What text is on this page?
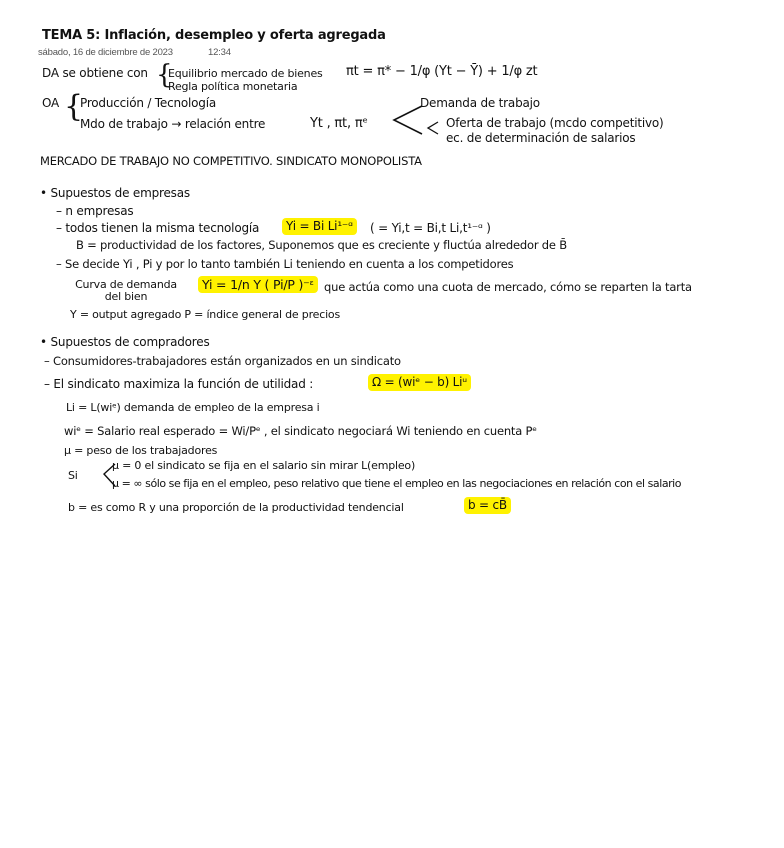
TEMA 5: Inflación, desempleo y oferta agregada
sábado, 16 de diciembre de 2023	12:34
DA se obtiene con {
Equilibrio mercado de bienes
Regla política monetaria
πt = π* − 1/φ (Yt − Ȳ) + 1/φ zt
OA {
Producción / Tecnología
Mdo de trabajo → relación entre	Yt , πt, πᵉ
Demanda de trabajo
Oferta de trabajo (mcdo competitivo)
ec. de determinación de salarios
MERCADO DE TRABAJO NO COMPETITIVO. SINDICATO MONOPOLISTA
• Supuestos de empresas
– n empresas
– todos tienen la misma tecnología	Yi = Bi Li¹⁻ᵅ	( = Yi,t = Bi,t Li,t¹⁻ᵅ )
B = productividad de los factores, Suponemos que es creciente y fluctúa alrededor de B̄
– Se decide Yi , Pi y por lo tanto también Li teniendo en cuenta a los competidores
Curva de demanda del bien
Yi = 1/n Y ( Pi/P )⁻ᵋ que actúa como una cuota de mercado, cómo se reparten la tarta
Y = output agregado P = índice general de precios
• Supuestos de compradores
– Consumidores-trabajadores están organizados en un sindicato
– El sindicato maximiza la función de utilidad :	Ω = (wiᵉ − b) Liᵘ
Li = L(wiᵉ) demanda de empleo de la empresa i
wiᵉ = Salario real esperado = Wi/Pᵉ , el sindicato negociará Wi teniendo en cuenta Pᵉ
μ = peso de los trabajadores
Si
μ = 0 el sindicato se fija en el salario sin mirar L(empleo)
μ = ∞ sólo se fija en el empleo, peso relativo que tiene el empleo en las negociaciones en relación con el salario
b = es como R y una proporción de la productividad tendencial	b = cB̄
